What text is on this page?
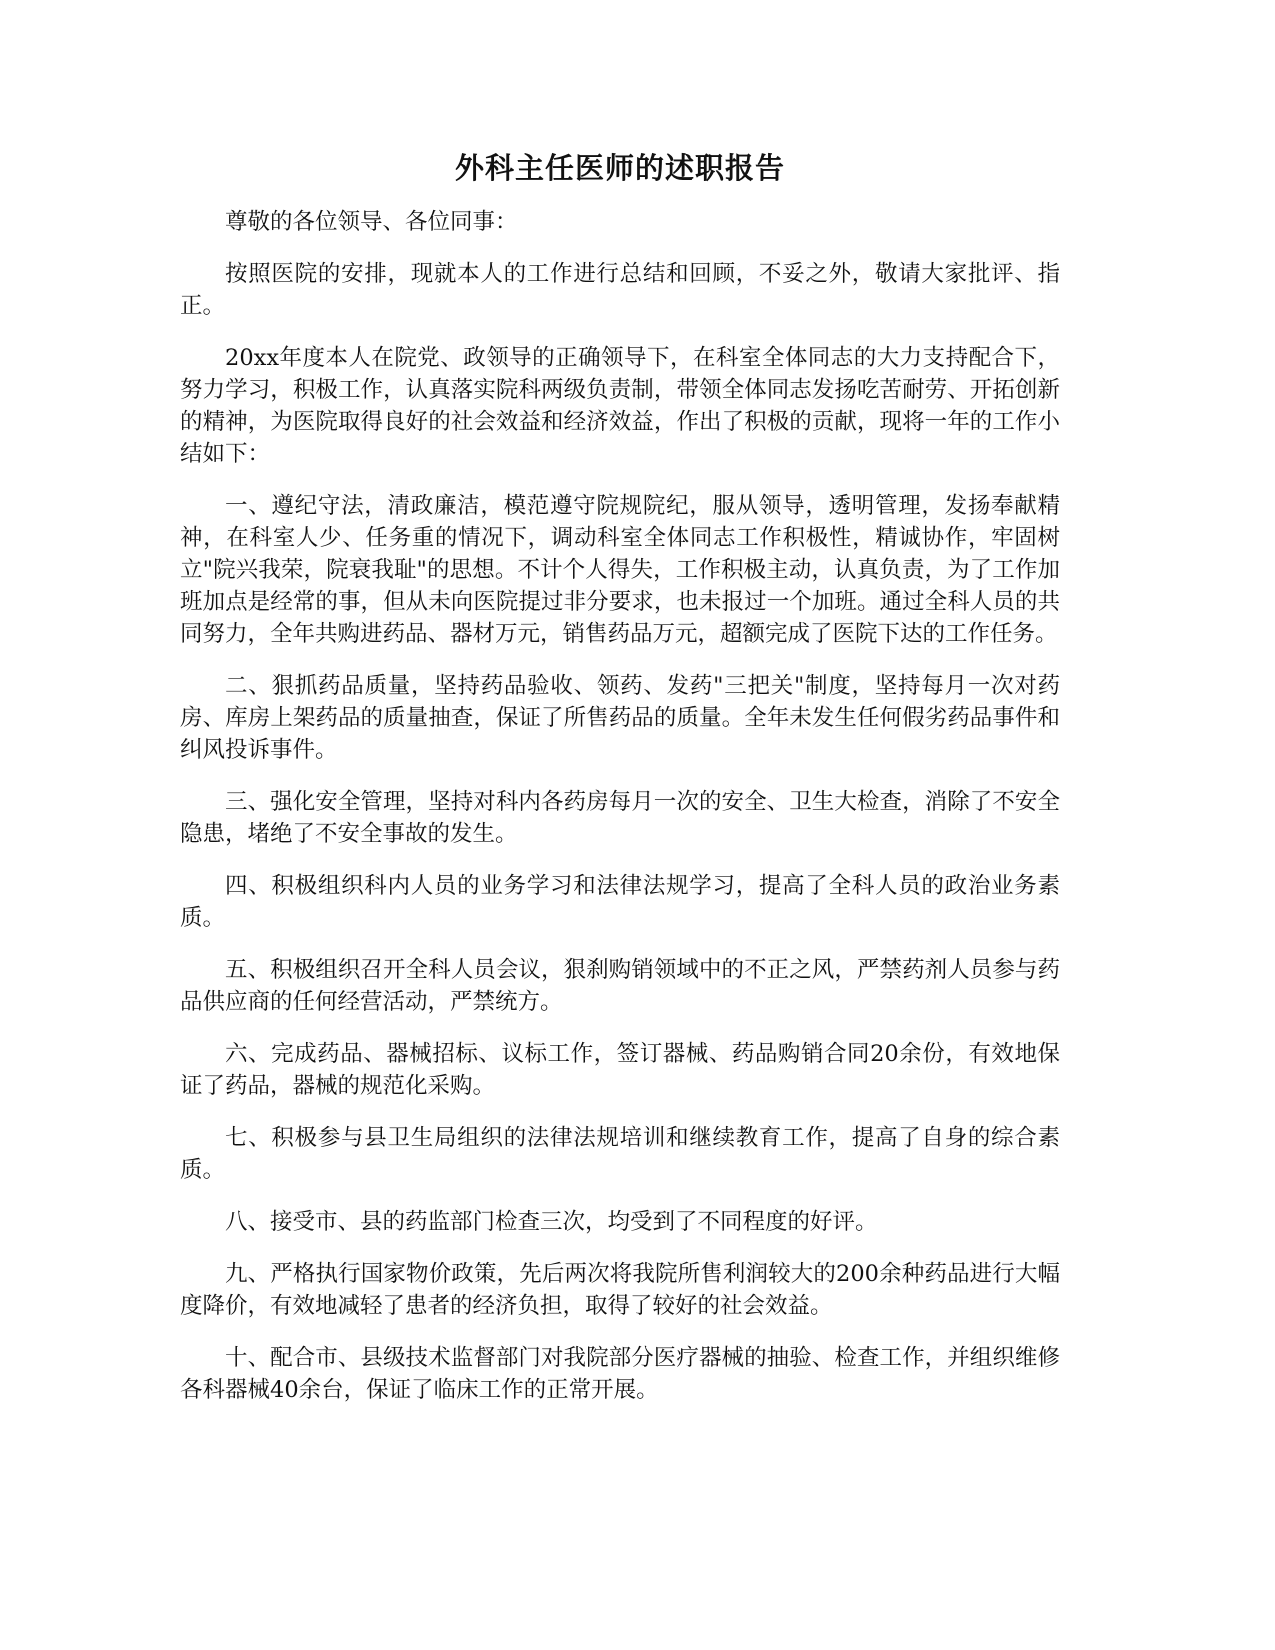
外科主任医师的述职报告

尊敬的各位领导、各位同事：

按照医院的安排，现就本人的工作进行总结和回顾，不妥之外，敬请大家批评、指正。

20xx年度本人在院党、政领导的正确领导下，在科室全体同志的大力支持配合下，努力学习，积极工作，认真落实院科两级负责制，带领全体同志发扬吃苦耐劳、开拓创新的精神，为医院取得良好的社会效益和经济效益，作出了积极的贡献，现将一年的工作小结如下：

一、遵纪守法，清政廉洁，模范遵守院规院纪，服从领导，透明管理，发扬奉献精神，在科室人少、任务重的情况下，调动科室全体同志工作积极性，精诚协作，牢固树立"院兴我荣，院衰我耻"的思想。不计个人得失，工作积极主动，认真负责，为了工作加班加点是经常的事，但从未向医院提过非分要求，也未报过一个加班。通过全科人员的共同努力，全年共购进药品、器材万元，销售药品万元，超额完成了医院下达的工作任务。

二、狠抓药品质量，坚持药品验收、领药、发药"三把关"制度，坚持每月一次对药房、库房上架药品的质量抽查，保证了所售药品的质量。全年未发生任何假劣药品事件和纠风投诉事件。

三、强化安全管理，坚持对科内各药房每月一次的安全、卫生大检查，消除了不安全隐患，堵绝了不安全事故的发生。

四、积极组织科内人员的业务学习和法律法规学习，提高了全科人员的政治业务素质。

五、积极组织召开全科人员会议，狠刹购销领域中的不正之风，严禁药剂人员参与药品供应商的任何经营活动，严禁统方。

六、完成药品、器械招标、议标工作，签订器械、药品购销合同20余份，有效地保证了药品，器械的规范化采购。

七、积极参与县卫生局组织的法律法规培训和继续教育工作，提高了自身的综合素质。

八、接受市、县的药监部门检查三次，均受到了不同程度的好评。

九、严格执行国家物价政策，先后两次将我院所售利润较大的200余种药品进行大幅度降价，有效地减轻了患者的经济负担，取得了较好的社会效益。

十、配合市、县级技术监督部门对我院部分医疗器械的抽验、检查工作，并组织维修各科器械40余台，保证了临床工作的正常开展。
